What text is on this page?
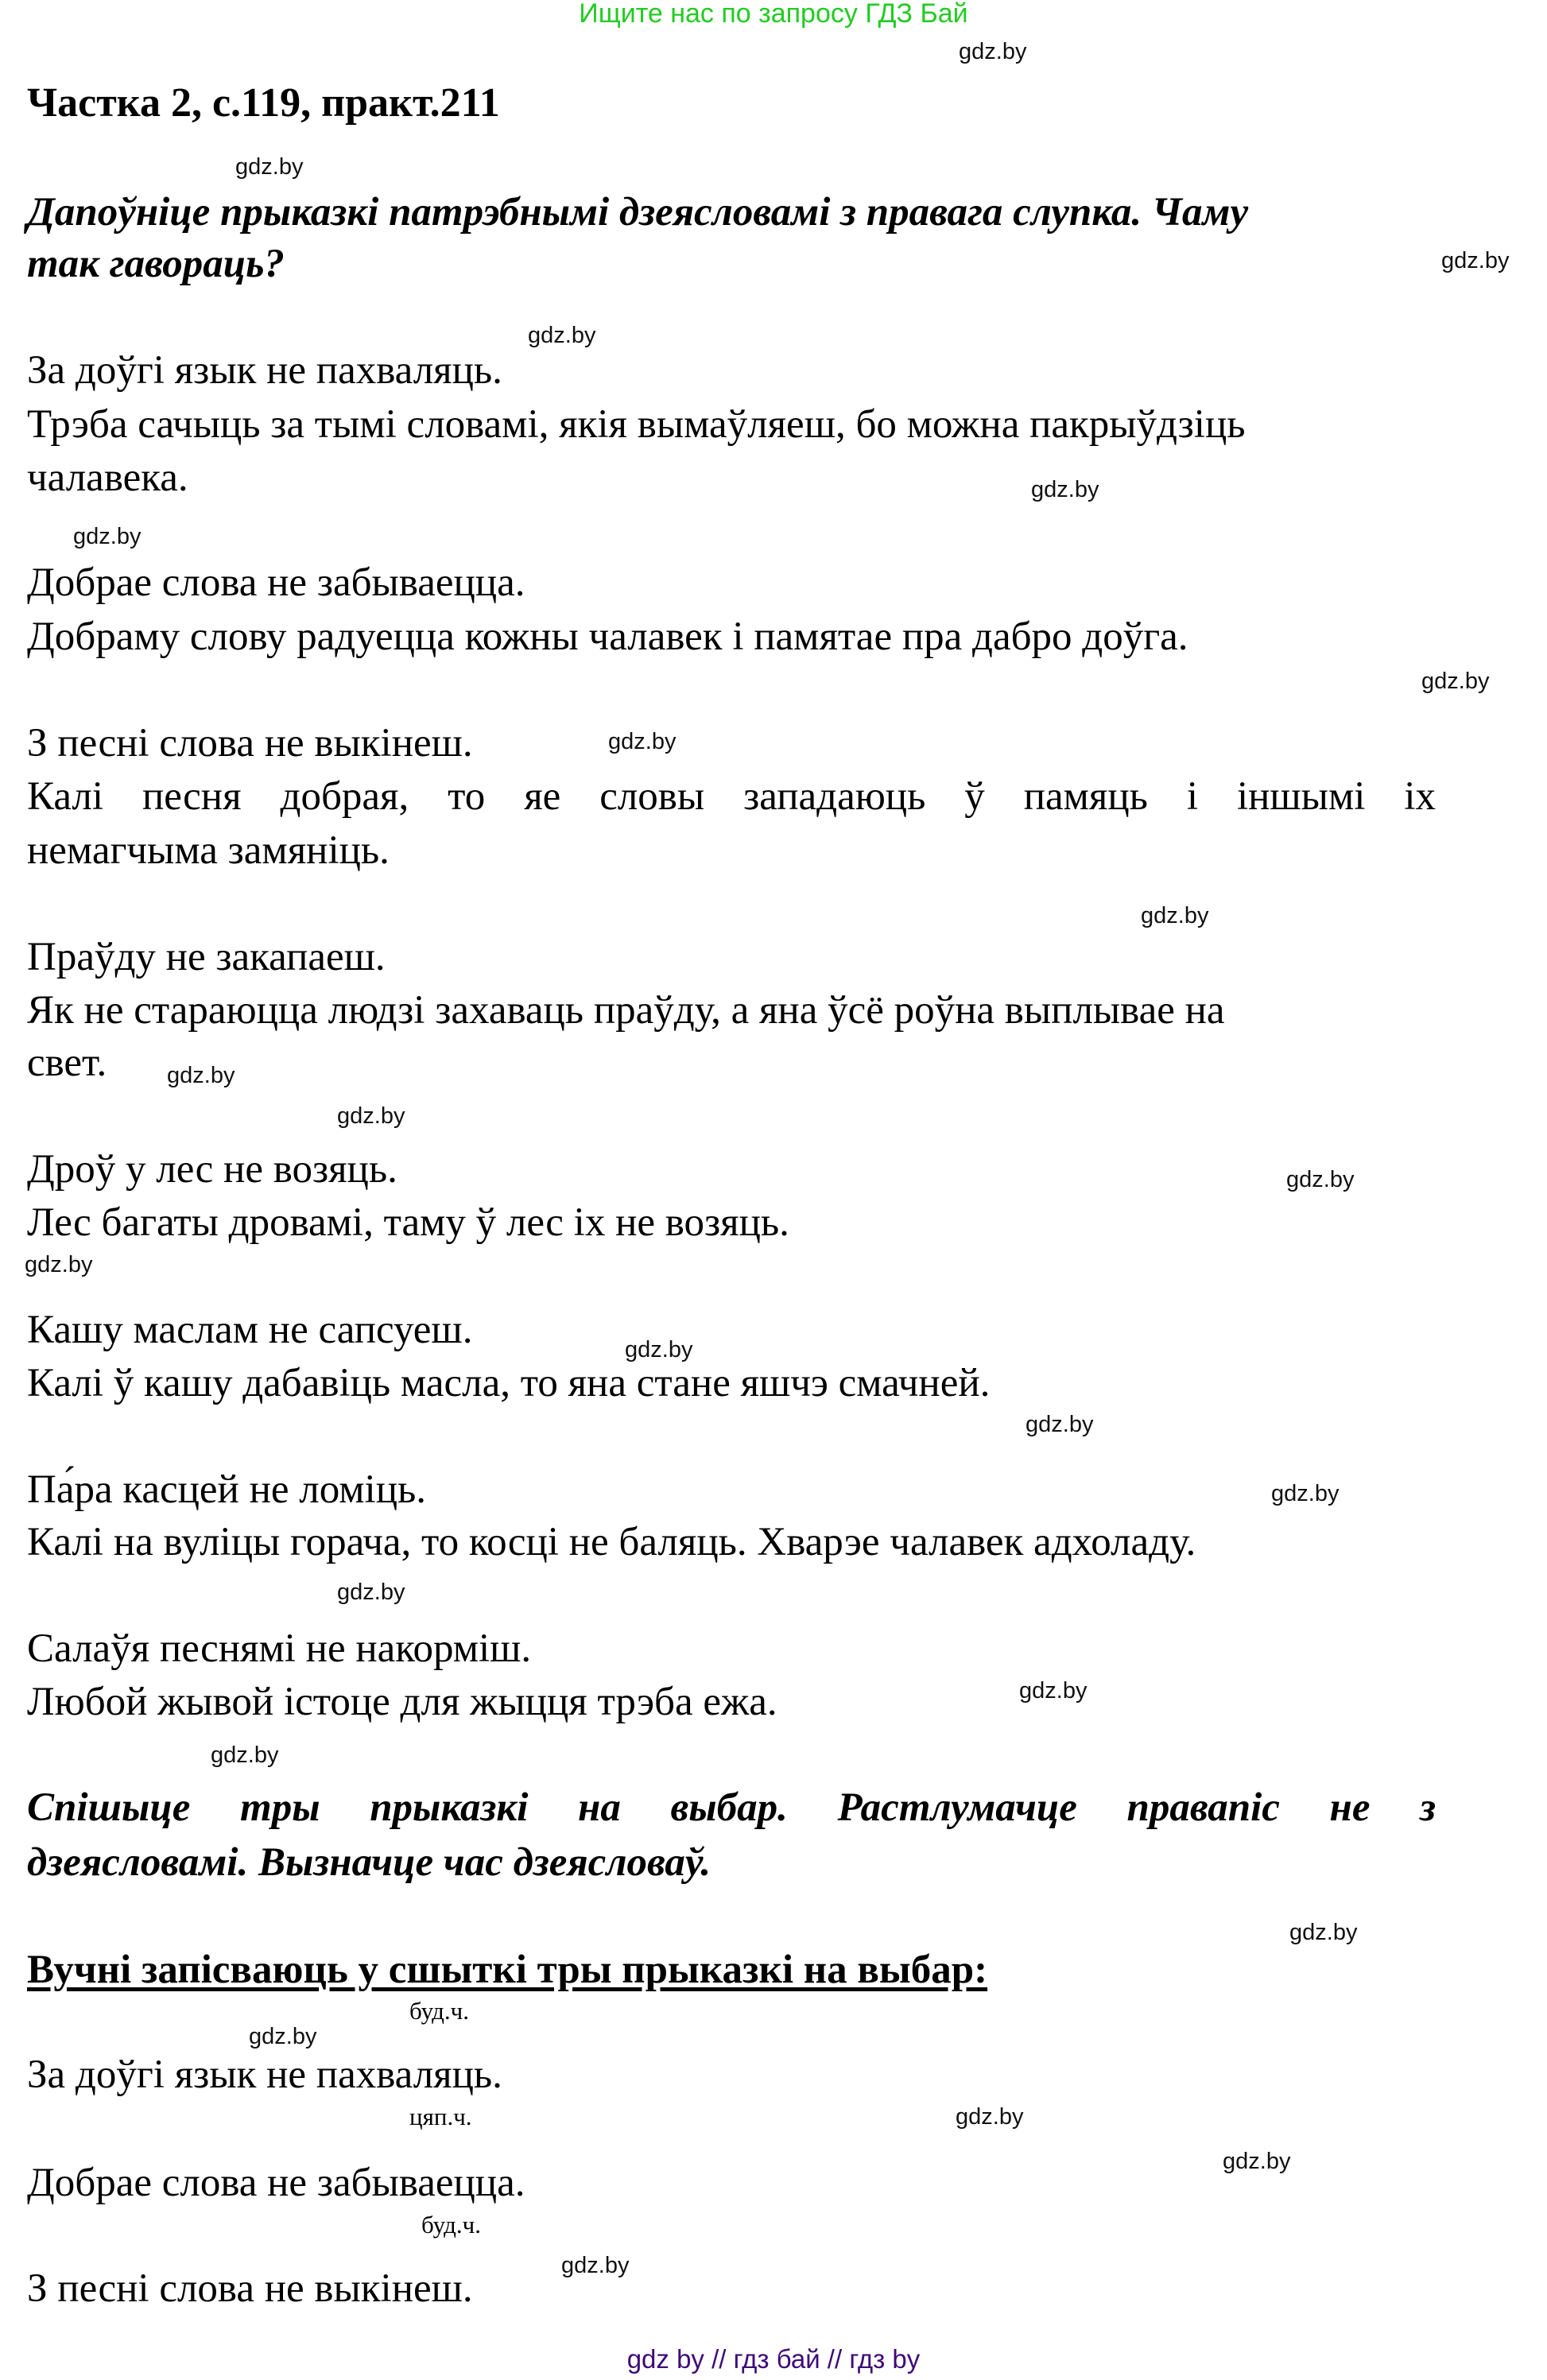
Ищите нас по запросу ГДЗ Бай
Частка 2, с.119, практ.211
Дапоўніце прыказкі патрэбнымі дзеясловамі з правага слупка. Чаму
так гавораць?
За доўгі язык не пахваляць.
Трэба сачыць за тымі словамі, якія вымаўляеш, бо можна пакрыўдзіць
чалавека.
Добрае слова не забываецца.
Добраму слову радуецца кожны чалавек і памятае пра дабро доўга.
З песні слова не выкінеш.
Калі песня добрая, то яе словы западаюць ў памяць і іншымі іх
немагчыма замяніць.
Праўду не закапаеш.
Як не стараюцца людзі захаваць праўду, а яна ўсё роўна выплывае на
свет.
Дроў у лес не возяць.
Лес багаты дровамі, таму ў лес іх не возяць.
Кашу маслам не сапсуеш.
Калі ў кашу дабавіць масла, то яна стане яшчэ смачней.
Па́ра касцей не ломіць.
Калі на вуліцы горача, то косці не баляць. Хварэе чалавек адхоладу.
Салаўя песнямі не накорміш.
Любой жывой істоце для жыцця трэба ежа.
Спішыце тры прыказкі на выбар. Растлумачце правапіс не з
дзеясловамі. Вызначце час дзеясловаў.
Вучні запісваюць у сшыткі тры прыказкі на выбар:
буд.ч.
За доўгі язык не пахваляць.
цяп.ч.
Добрае слова не забываецца.
буд.ч.
З песні слова не выкінеш.
gdz.by
gdz.by
gdz.by
gdz.by
gdz.by
gdz.by
gdz.by
gdz.by
gdz.by
gdz.by
gdz.by
gdz.by
gdz.by
gdz.by
gdz.by
gdz.by
gdz.by
gdz.by
gdz.by
gdz.by
gdz.by
gdz.by
gdz.by
gdz.by
gdz by // гдз бай // гдз by
